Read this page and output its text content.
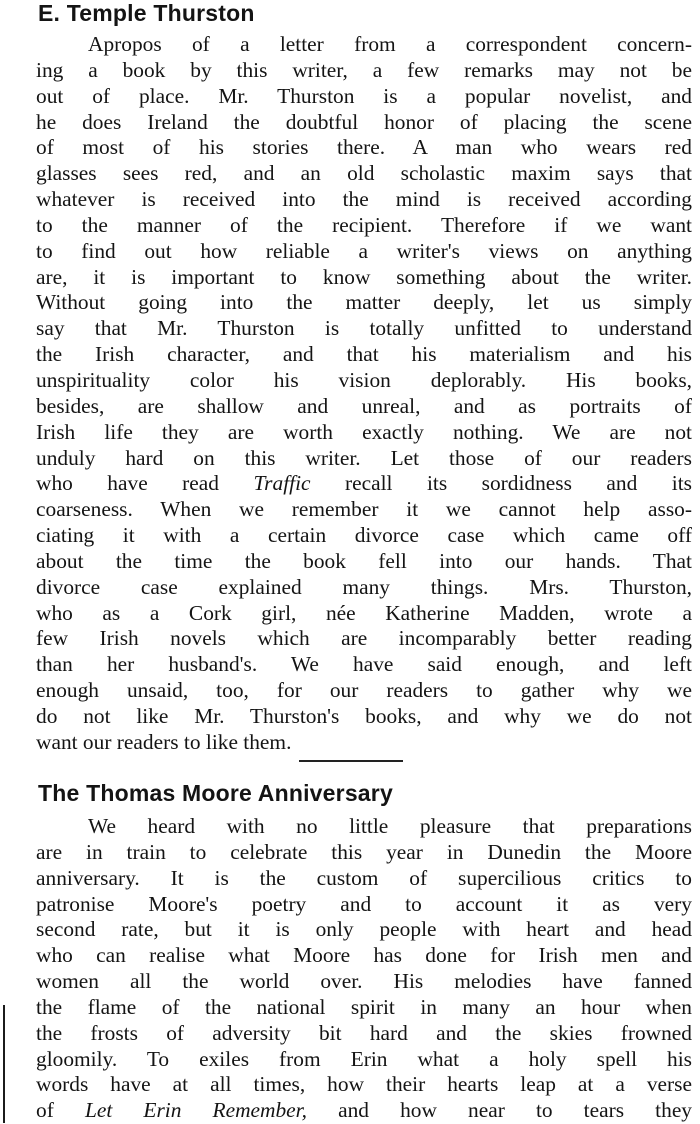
E. Temple Thurston
Apropos of a letter from a correspondent concern-
ing a book by this writer, a few remarks may not be
out of place. Mr. Thurston is a popular novelist, and
he does Ireland the doubtful honor of placing the scene
of most of his stories there. A man who wears red
glasses sees red, and an old scholastic maxim says that
whatever is received into the mind is received according
to the manner of the recipient. Therefore if we want
to find out how reliable a writer's views on anything
are, it is important to know something about the writer.
Without going into the matter deeply, let us simply
say that Mr. Thurston is totally unfitted to understand
the Irish character, and that his materialism and his
unspirituality color his vision deplorably. His books,
besides, are shallow and unreal, and as portraits of
Irish life they are worth exactly nothing. We are not
unduly hard on this writer. Let those of our readers
who have read Traffic recall its sordidness and its
coarseness. When we remember it we cannot help asso-
ciating it with a certain divorce case which came off
about the time the book fell into our hands. That
divorce case explained many things. Mrs. Thurston,
who as a Cork girl, née Katherine Madden, wrote a
few Irish novels which are incomparably better reading
than her husband's. We have said enough, and left
enough unsaid, too, for our readers to gather why we
do not like Mr. Thurston's books, and why we do not
want our readers to like them.
The Thomas Moore Anniversary
We heard with no little pleasure that preparations
are in train to celebrate this year in Dunedin the Moore
anniversary. It is the custom of supercilious critics to
patronise Moore's poetry and to account it as very
second rate, but it is only people with heart and head
who can realise what Moore has done for Irish men and
women all the world over. His melodies have fanned
the flame of the national spirit in many an hour when
the frosts of adversity bit hard and the skies frowned
gloomily. To exiles from Erin what a holy spell his
words have at all times, how their hearts leap at a verse
of Let Erin Remember, and how near to tears they
